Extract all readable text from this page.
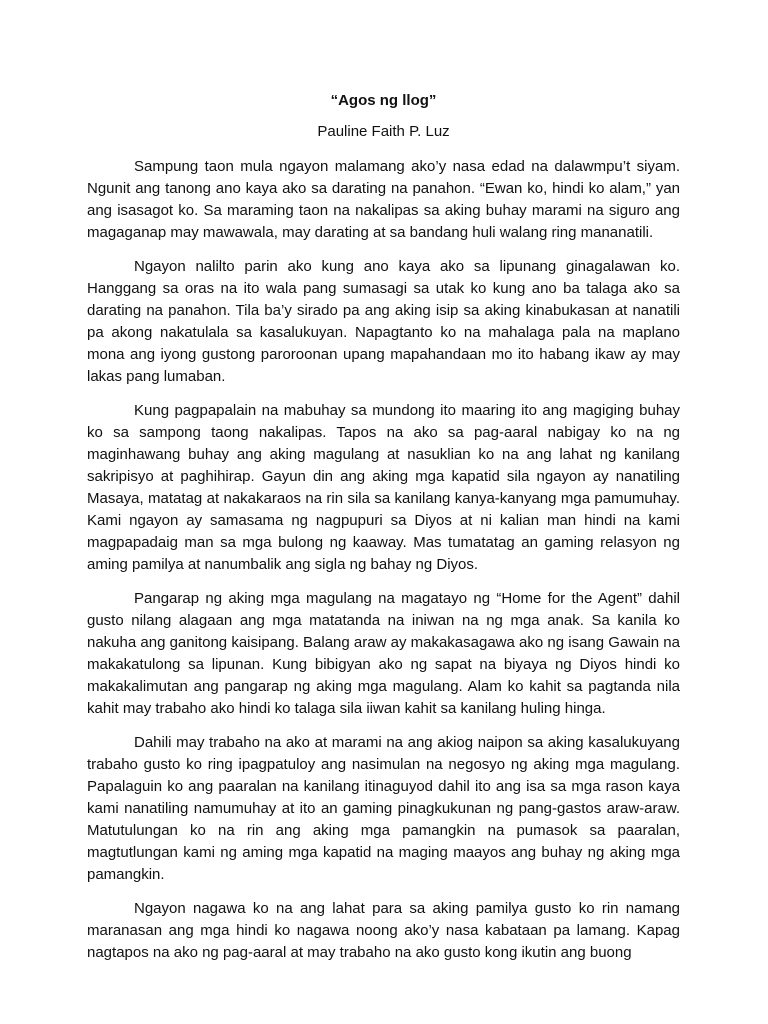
“Agos ng llog”
Pauline Faith P. Luz

Sampung taon mula ngayon malamang ako’y nasa edad na dalawmpu’t siyam. Ngunit ang tanong ano kaya ako sa darating na panahon. “Ewan ko, hindi ko alam,” yan ang isasagot ko. Sa maraming taon na nakalipas sa aking buhay marami na siguro ang magaganap may mawawala, may darating at sa bandang huli walang ring mananatili.

Ngayon nalilto parin ako kung ano kaya ako sa lipunang ginagalawan ko. Hanggang sa oras na ito wala pang sumasagi sa utak ko kung ano ba talaga ako sa darating na panahon. Tila ba’y sirado pa ang aking isip sa aking kinabukasan at nanatili pa akong nakatulala sa kasalukuyan. Napagtanto ko na mahalaga pala na maplano mona ang iyong gustong paroroonan upang mapahandaan mo ito habang ikaw ay may lakas pang lumaban.

Kung pagpapalain na mabuhay sa mundong ito maaring ito ang magiging buhay ko sa sampong taong nakalipas. Tapos na ako sa pag-aaral nabigay ko na ng maginhawang buhay ang aking magulang at nasuklian ko na ang lahat ng kanilang sakripisyo at paghihirap. Gayun din ang aking mga kapatid sila ngayon ay nanatiling Masaya, matatag at nakakaraos na rin sila sa kanilang kanya-kanyang mga pamumuhay. Kami ngayon ay samasama ng nagpupuri sa Diyos at ni kalian man hindi na kami magpapadaig man sa mga bulong ng kaaway. Mas tumatatag an gaming relasyon ng aming pamilya at nanumbalik ang sigla ng bahay ng Diyos.

Pangarap ng aking mga magulang na magatayo ng “Home for the Agent” dahil gusto nilang alagaan ang mga matatanda na iniwan na ng mga anak. Sa kanila ko nakuha ang ganitong kaisipang. Balang araw ay makakasagawa ako ng isang Gawain na makakatulong sa lipunan. Kung bibigyan ako ng sapat na biyaya ng Diyos hindi ko makakalimutan ang pangarap ng aking mga magulang. Alam ko kahit sa pagtanda nila kahit may trabaho ako hindi ko talaga sila iiwan kahit sa kanilang huling hinga.

Dahili may trabaho na ako at marami na ang akiog naipon sa aking kasalukuyang trabaho gusto ko ring ipagpatuloy ang nasimulan na negosyo ng aking mga magulang. Papalaguin ko ang paaralan na kanilang itinaguyod dahil ito ang isa sa mga rason kaya kami nanatiling namumuhay at ito an gaming pinagkukunan ng pang-gastos araw-araw. Matutulungan ko na rin ang aking mga pamangkin na pumasok sa paaralan, magtutlungan kami ng aming mga kapatid na maging maayos ang buhay ng aking mga pamangkin.

Ngayon nagawa ko na ang lahat para sa aking pamilya gusto ko rin namang maranasan ang mga hindi ko nagawa noong ako’y nasa kabataan pa lamang. Kapag nagtapos na ako ng pag-aaral at may trabaho na ako gusto kong ikutin ang buong
